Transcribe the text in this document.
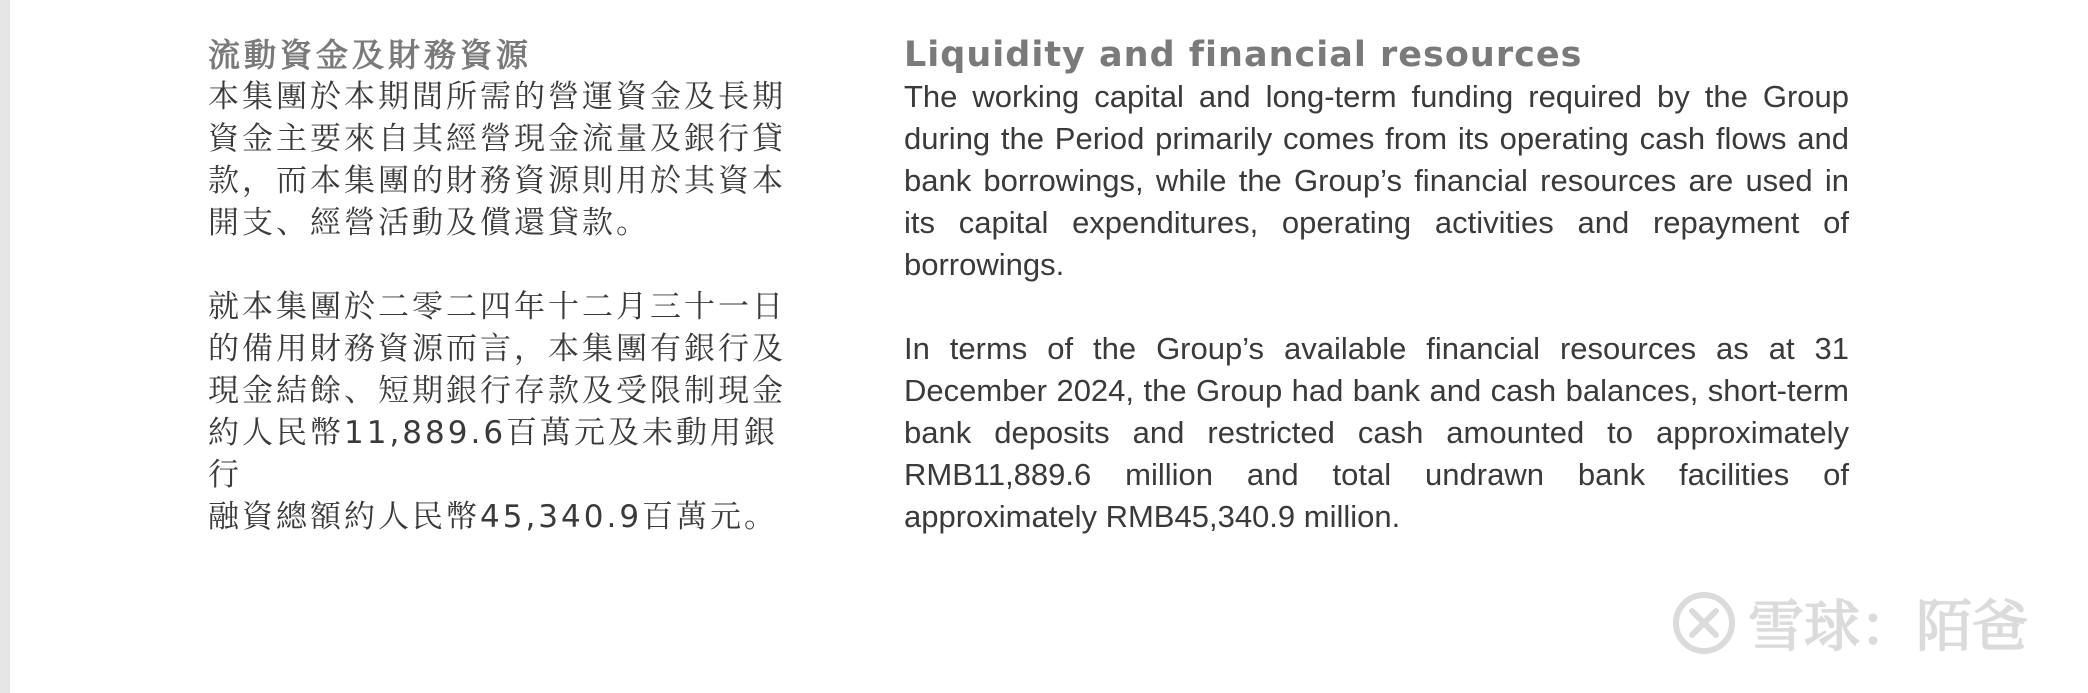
流動資金及財務資源

本集團於本期間所需的營運資金及長期

資金主要來自其經營現金流量及銀行貸

款，而本集團的財務資源則用於其資本

開支、經營活動及償還貸款。

就本集團於二零二四年十二月三十一日

的備用財務資源而言，本集團有銀行及

現金結餘、短期銀行存款及受限制現金

約人民幣11,889.6百萬元及未動用銀行

融資總額約人民幣45,340.9百萬元。

Liquidity and financial resources

The working capital and long-term funding required by the Group during the Period primarily comes from its operating cash flows and bank borrowings, while the Group’s financial resources are used in its capital expenditures, operating activities and repayment of borrowings.

In terms of the Group’s available financial resources as at 31 December 2024, the Group had bank and cash balances, short-term bank deposits and restricted cash amounted to approximately RMB11,889.6 million and total undrawn bank facilities of approximately RMB45,340.9 million.

雪球：陌爸
